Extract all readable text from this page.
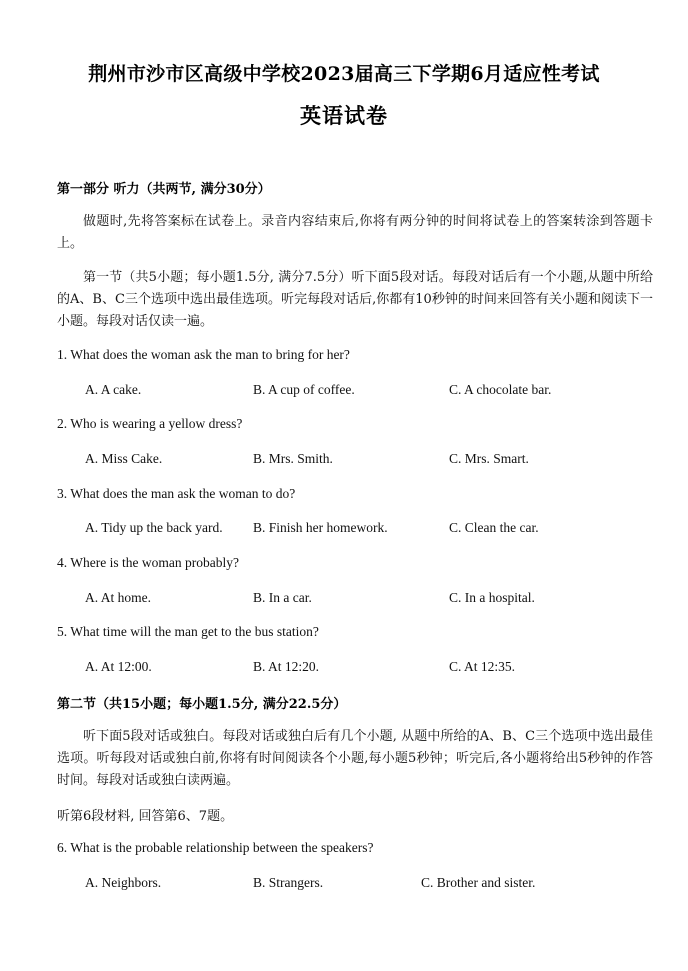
荆州市沙市区高级中学校2023届高三下学期6月适应性考试
英语试卷
第一部分 听力（共两节, 满分30分）
做题时,先将答案标在试卷上。录音内容结束后,你将有两分钟的时间将试卷上的答案转涂到答题卡上。
第一节（共5小题；每小题1.5分, 满分7.5分）听下面5段对话。每段对话后有一个小题,从题中所给的A、B、C三个选项中选出最佳选项。听完每段对话后,你都有10秒钟的时间来回答有关小题和阅读下一小题。每段对话仅读一遍。
1. What does the woman ask the man to bring for her?
A. A cake.	B. A cup of coffee.	C. A chocolate bar.
2. Who is wearing a yellow dress?
A. Miss Cake.	B. Mrs. Smith.	C. Mrs. Smart.
3. What does the man ask the woman to do?
A. Tidy up the back yard. B. Finish her homework.	C. Clean the car.
4. Where is the woman probably?
A. At home.	B. In a car.	C. In a hospital.
5. What time will the man get to the bus station?
A. At 12:00.	B. At 12:20.	C. At 12:35.
第二节（共15小题；每小题1.5分, 满分22.5分）
听下面5段对话或独白。每段对话或独白后有几个小题, 从题中所给的A、B、C三个选项中选出最佳选项。听每段对话或独白前,你将有时间阅读各个小题,每小题5秒钟；听完后,各小题将给出5秒钟的作答时间。每段对话或独白读两遍。
听第6段材料, 回答第6、7题。
6. What is the probable relationship between the speakers?
A. Neighbors.	B. Strangers.	C. Brother and sister.
